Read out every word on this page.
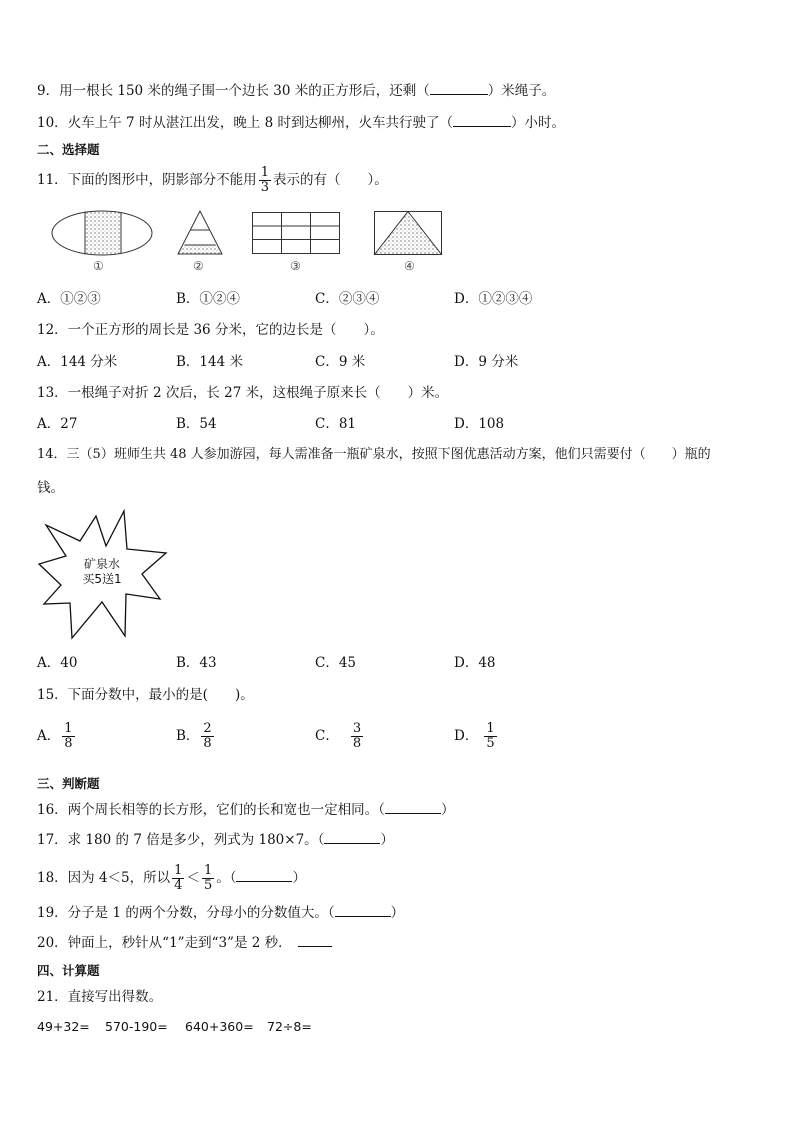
9．用一根长 150 米的绳子围一个边长 30 米的正方形后，还剩（	）米绳子。
10．火车上午 7 时从湛江出发，晚上 8 时到达柳州，火车共行驶了（	）小时。
二、选择题
11．下面的图形中，阴影部分不能用 $\frac{1}{3}$ 表示的有（　　）。
①	②	③	④
A．①②③	B．①②④	C．②③④	D．①②③④
12．一个正方形的周长是 36 分米，它的边长是（　　）。
A．144 分米	B．144 米	C．9 米	D．9 分米
13．一根绳子对折 2 次后，长 27 米，这根绳子原来长（　　）米。
A．27	B．54	C．81	D．108
14．三（5）班师生共 48 人参加游园，每人需准备一瓶矿泉水，按照下图优惠活动方案，他们只需要付（　　）瓶的
钱。
矿泉水
买5送1
A．40	B．43	C．45	D．48
15．下面分数中，最小的是(　　)。
A． $\frac{1}{8}$	B． $\frac{2}{8}$	C． $\frac{3}{8}$	D． $\frac{1}{5}$
三、判断题
16．两个周长相等的长方形，它们的长和宽也一定相同。（	）
17．求 180 的 7 倍是多少，列式为 180×7。（	）
18．因为 4＜5，所以 $\frac{1}{4} < \frac{1}{5}$ 。（	）
19．分子是 1 的两个分数，分母小的分数值大。（	）
20．钟面上，秒针从“1”走到“3”是 2 秒．
四、计算题
21．直接写出得数。
49+32= 570-190= 640+360= 72÷8=
